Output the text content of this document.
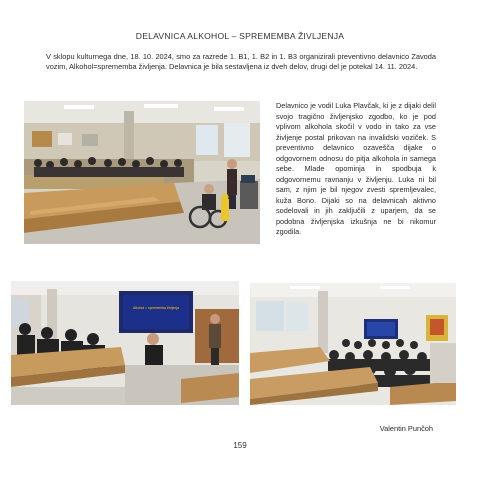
DELAVNICA ALKOHOL – SPREMEMBA ŽIVLJENJA
V sklopu kulturnega dne, 18. 10. 2024, smo za razrede 1. B1, 1. B2 in 1. B3 organizirali preventivno delavnico Zavoda vozim, Alkohol=sprememba življenja. Delavnica je bila sestavljena iz dveh delov, drugi del je potekal 14. 11. 2024.
Delavnico je vodil Luka Plavčak, ki je z dijaki delil svojo tragično življenjsko zgodbo, ko je pod vplivom alkohola skočil v vodo in tako za vse življenje postal prikovan na invalidski voziček. S preventivno delavnico ozavešča dijake o odgovornem odnosu do pitja alkohola in samega sebe. Mlade opominja in spodbuja k odgovornemu ravnanju v življenju. Luka ni bil sam, z njim je bil njegov zvesti spremljevalec, kuža Bono. Dijaki so na delavnicah aktivno sodelovali in jih zaključili z uparjem, da se podobna življenjska izkušnja ne bi nikomur zgodila.
Alkohol = sprememba življenja
Valentin Punčoh
159
